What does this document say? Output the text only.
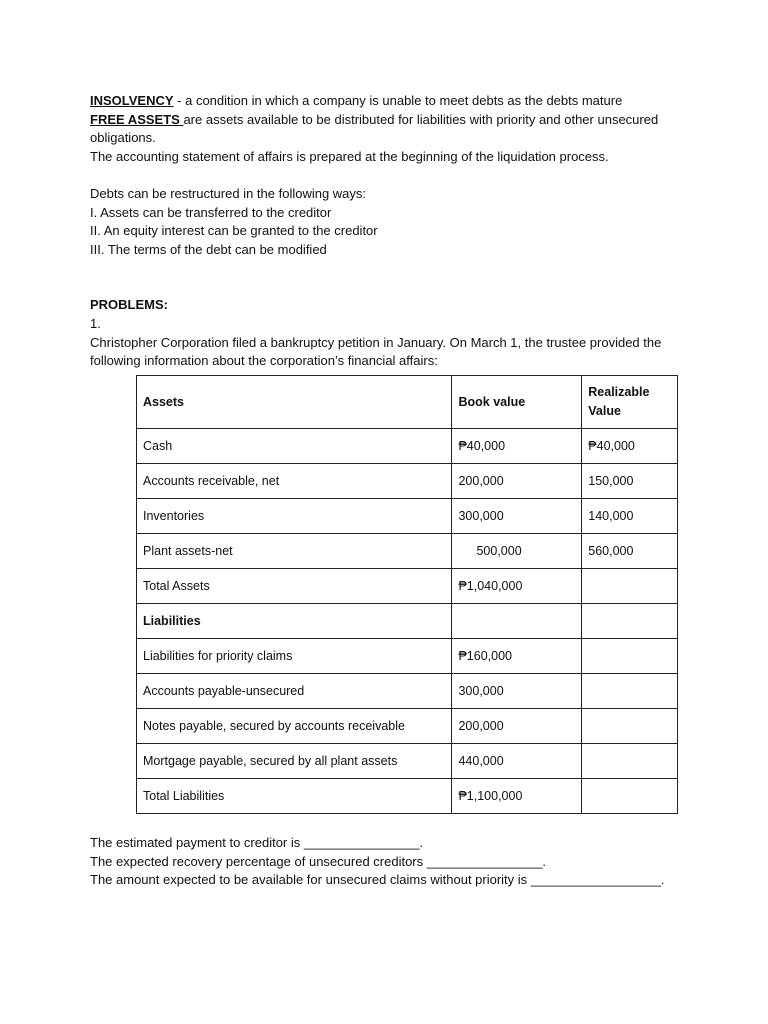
INSOLVENCY - a condition in which a company is unable to meet debts as the debts mature
FREE ASSETS are assets available to be distributed for liabilities with priority and other unsecured
obligations.
The accounting statement of affairs is prepared at the beginning of the liquidation process.
Debts can be restructured in the following ways:
I. Assets can be transferred to the creditor
II. An equity interest can be granted to the creditor
III. The terms of the debt can be modified
PROBLEMS:
1.
Christopher Corporation filed a bankruptcy petition in January. On March 1, the trustee provided the
following information about the corporation’s financial affairs:
Assets	Book value	Realizable
Value
Cash	₱40,000	₱40,000
Accounts receivable, net	200,000	150,000
Inventories	300,000	140,000
Plant assets-net	500,000	560,000
Total Assets	₱1,040,000	
Liabilities		
Liabilities for priority claims	₱160,000	
Accounts payable-unsecured	300,000	
Notes payable, secured by accounts receivable	200,000	
Mortgage payable, secured by all plant assets	440,000	
Total Liabilities	₱1,100,000	
The estimated payment to creditor is ________________.
The expected recovery percentage of unsecured creditors ________________.
The amount expected to be available for unsecured claims without priority is __________________.
